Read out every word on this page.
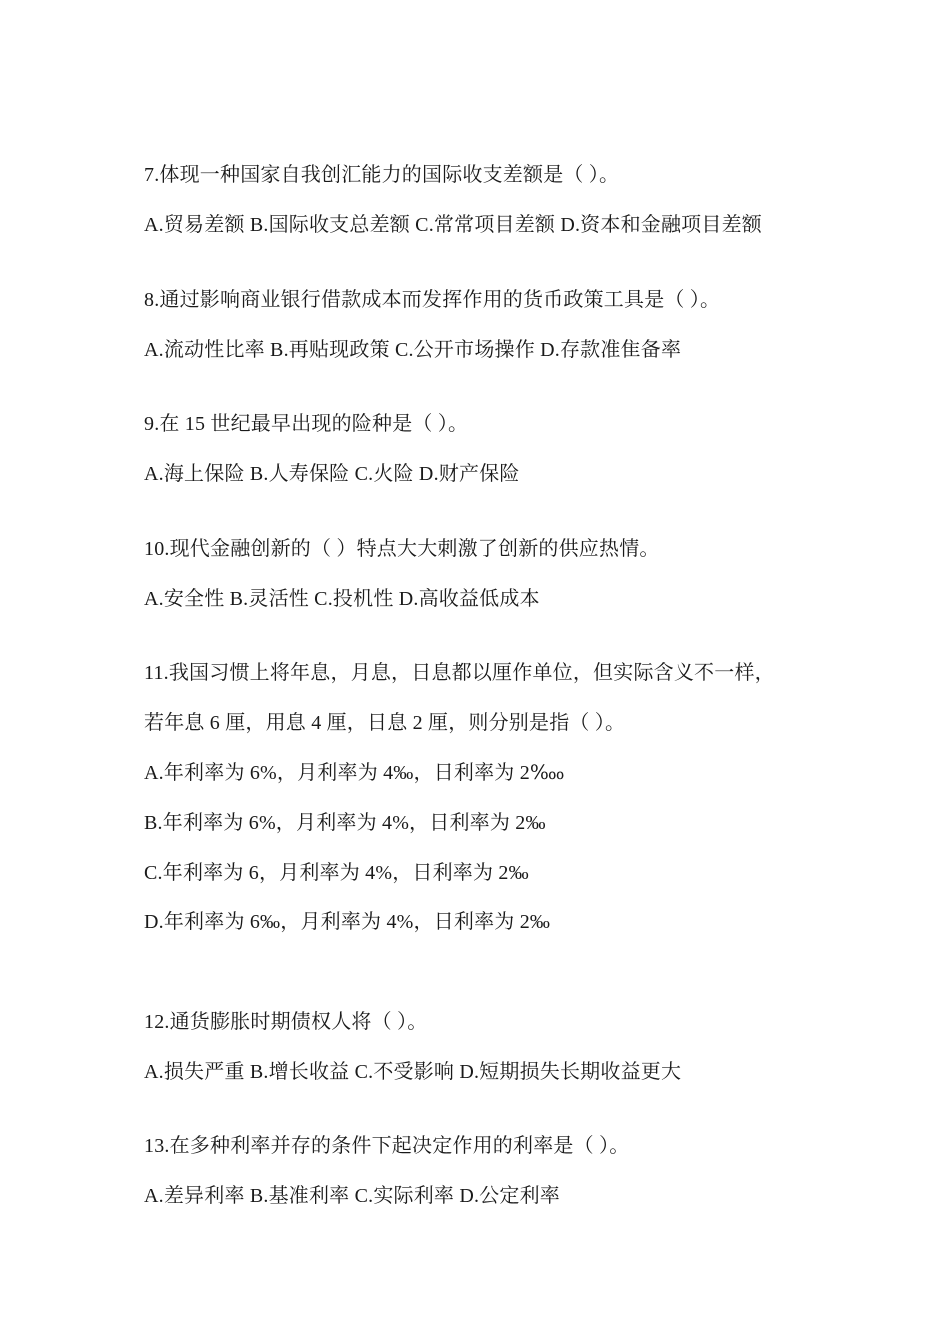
7.体现一种国家自我创汇能力的国际收支差额是（ ）。
A.贸易差额 B.国际收支总差额 C.常常项目差额 D.资本和金融项目差额
8.通过影响商业银行借款成本而发挥作用的货币政策工具是（ ）。
A.流动性比率 B.再贴现政策 C.公开市场操作 D.存款准隹备率
9.在 15 世纪最早出现的险种是（ ）。
A.海上保险 B.人寿保险 C.火险 D.财产保险
10.现代金融创新的（ ）特点大大刺激了创新的供应热情。
A.安全性 B.灵活性 C.投机性 D.高收益低成本
11.我国习惯上将年息，月息，日息都以厘作单位，但实际含义不一样，
若年息 6 厘，用息 4 厘，日息 2 厘，则分别是指（ ）。
A.年利率为 6%，月利率为 4‰，日利率为 2‱
B.年利率为 6%，月利率为 4%，日利率为 2‰
C.年利率为 6，月利率为 4%，日利率为 2‰
D.年利率为 6‰，月利率为 4%，日利率为 2‰
12.通货膨胀时期债权人将（ ）。
A.损失严重 B.增长收益 C.不受影响 D.短期损失长期收益更大
13.在多种利率并存的条件下起决定作用的利率是（ ）。
A.差异利率 B.基准利率 C.实际利率 D.公定利率
